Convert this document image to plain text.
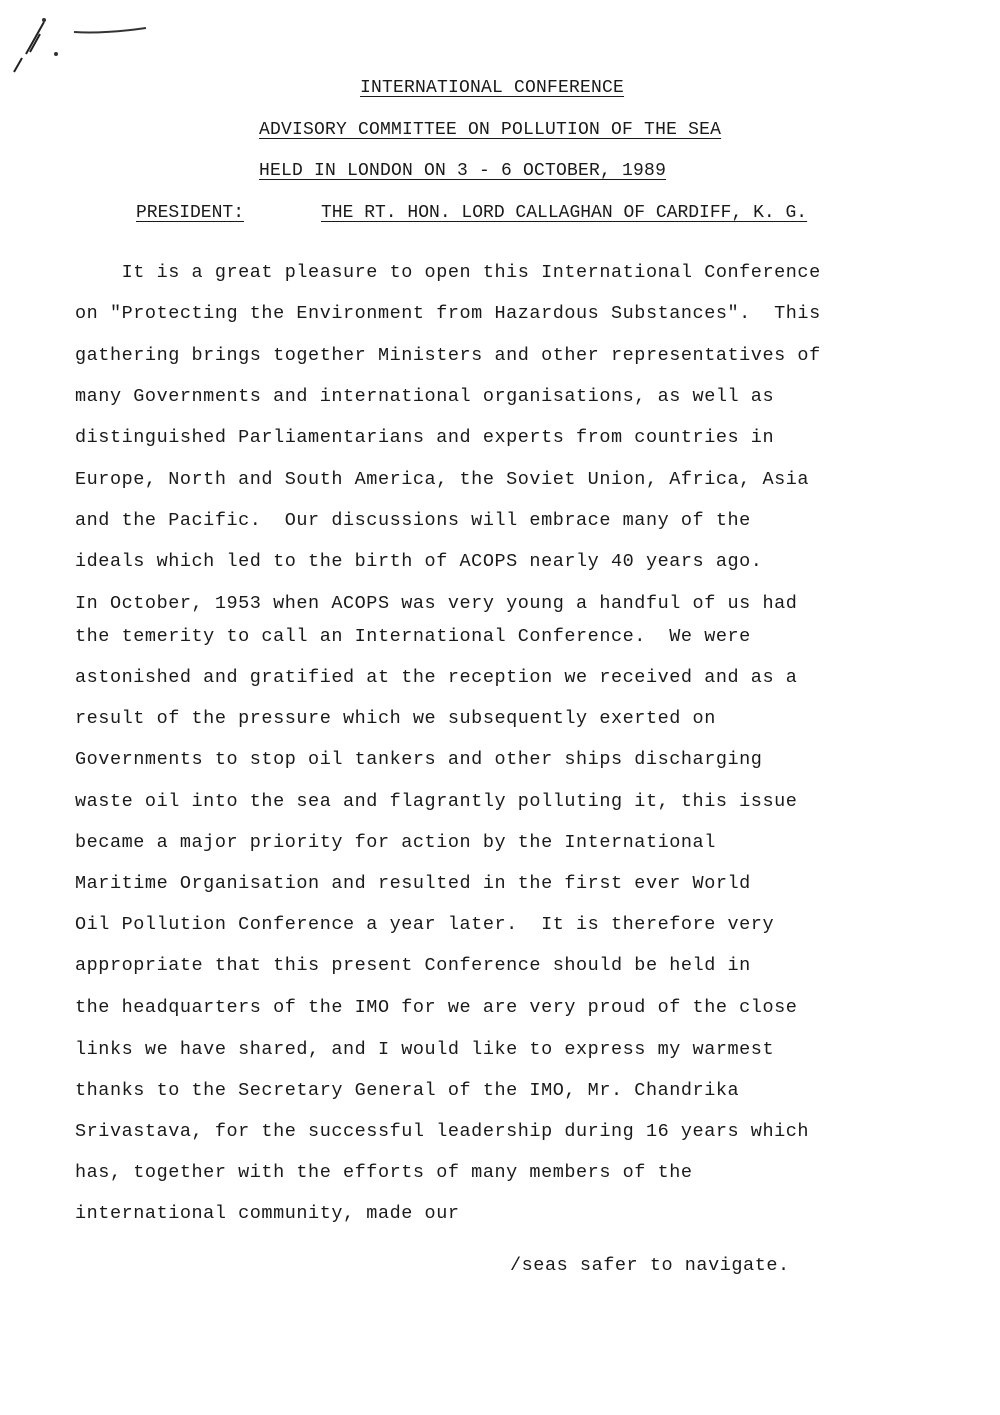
INTERNATIONAL CONFERENCE
ADVISORY COMMITTEE ON POLLUTION OF THE SEA
HELD IN LONDON ON 3 - 6 OCTOBER, 1989
PRESIDENT:	THE RT. HON. LORD CALLAGHAN OF CARDIFF, K. G.
It is a great pleasure to open this International Conference
on "Protecting the Environment from Hazardous Substances".  This
gathering brings together Ministers and other representatives of
many Governments and international organisations, as well as
distinguished Parliamentarians and experts from countries in
Europe, North and South America, the Soviet Union, Africa, Asia
and the Pacific.  Our discussions will embrace many of the
ideals which led to the birth of ACOPS nearly 40 years ago.
In October, 1953 when ACOPS was very young a handful of us had
the temerity to call an International Conference.  We were
astonished and gratified at the reception we received and as a
result of the pressure which we subsequently exerted on
Governments to stop oil tankers and other ships discharging
waste oil into the sea and flagrantly polluting it, this issue
became a major priority for action by the International
Maritime Organisation and resulted in the first ever World
Oil Pollution Conference a year later.  It is therefore very
appropriate that this present Conference should be held in
the headquarters of the IMO for we are very proud of the close
links we have shared, and I would like to express my warmest
thanks to the Secretary General of the IMO, Mr. Chandrika
Srivastava, for the successful leadership during 16 years which
has, together with the efforts of many members of the
international community, made our
/seas safer to navigate.
